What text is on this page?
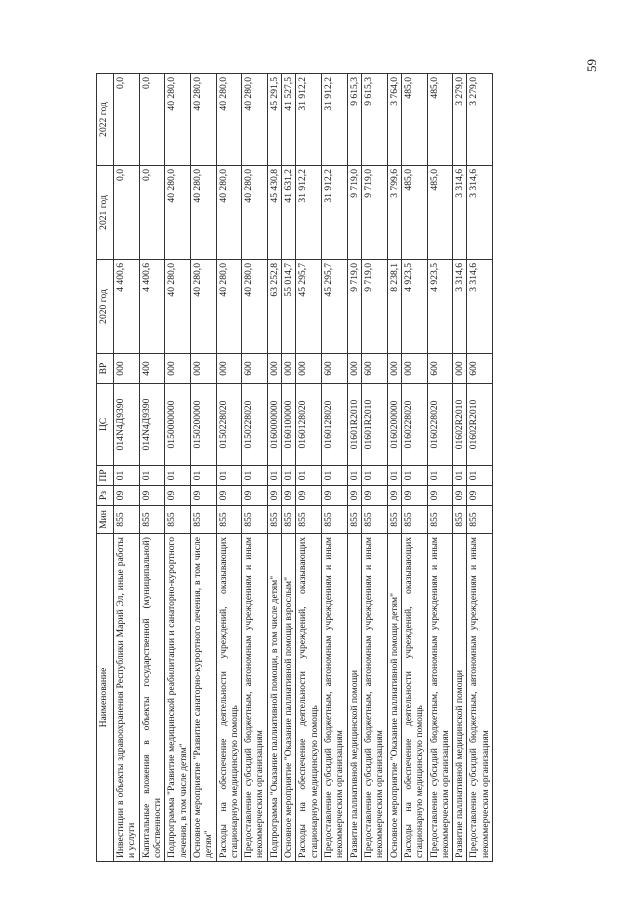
59
Наименование	Мин	Рз	ПР	ЦС	ВР	2020 год	2021 год	2022 год
Инвестиции в объекты здравоохранения Республики Марий Эл, иные работы и услуги	855	09	01	014N4Д9390	000	4 400,6	0,0	0,0
Капитальные вложения в объекты государственной (муниципальной) собственности	855	09	01	014N4Д9390	400	4 400,6	0,0	0,0
Подпрограмма "Развитие медицинской реабилитации и санаторно-курортного лечения, в том числе детям"	855	09	01	0150000000	000	40 280,0	40 280,0	40 280,0
Основное мероприятие "Развитие санаторно-курортного лечения, в том числе детям"	855	09	01	0150200000	000	40 280,0	40 280,0	40 280,0
Расходы на обеспечение деятельности учреждений, оказывающих стационарную медицинскую помощь	855	09	01	0150228020	000	40 280,0	40 280,0	40 280,0
Предоставление субсидий бюджетным, автономным учреждениям и иным некоммерческим организациям	855	09	01	0150228020	600	40 280,0	40 280,0	40 280,0
Подпрограмма "Оказание паллиативной помощи, в том числе детям"	855	09	01	0160000000	000	63 252,8	45 430,8	45 291,5
Основное мероприятие "Оказание паллиативной помощи взрослым"	855	09	01	0160100000	000	55 014,7	41 631,2	41 527,5
Расходы на обеспечение деятельности учреждений, оказывающих стационарную медицинскую помощь	855	09	01	0160128020	000	45 295,7	31 912,2	31 912,2
Предоставление субсидий бюджетным, автономным учреждениям и иным некоммерческим организациям	855	09	01	0160128020	600	45 295,7	31 912,2	31 912,2
Развитие паллиативной медицинской помощи	855	09	01	01601R2010	000	9 719,0	9 719,0	9 615,3
Предоставление субсидий бюджетным, автономным учреждениям и иным некоммерческим организациям	855	09	01	01601R2010	600	9 719,0	9 719,0	9 615,3
Основное мероприятие "Оказание паллиативной помощи детям"	855	09	01	0160200000	000	8 238,1	3 799,6	3 764,0
Расходы на обеспечение деятельности учреждений, оказывающих стационарную медицинскую помощь	855	09	01	0160228020	000	4 923,5	485,0	485,0
Предоставление субсидий бюджетным, автономным учреждениям и иным некоммерческим организациям	855	09	01	0160228020	600	4 923,5	485,0	485,0
Развитие паллиативной медицинской помощи	855	09	01	01602R2010	000	3 314,6	3 314,6	3 279,0
Предоставление субсидий бюджетным, автономным учреждениям и иным некоммерческим организациям	855	09	01	01602R2010	600	3 314,6	3 314,6	3 279,0
